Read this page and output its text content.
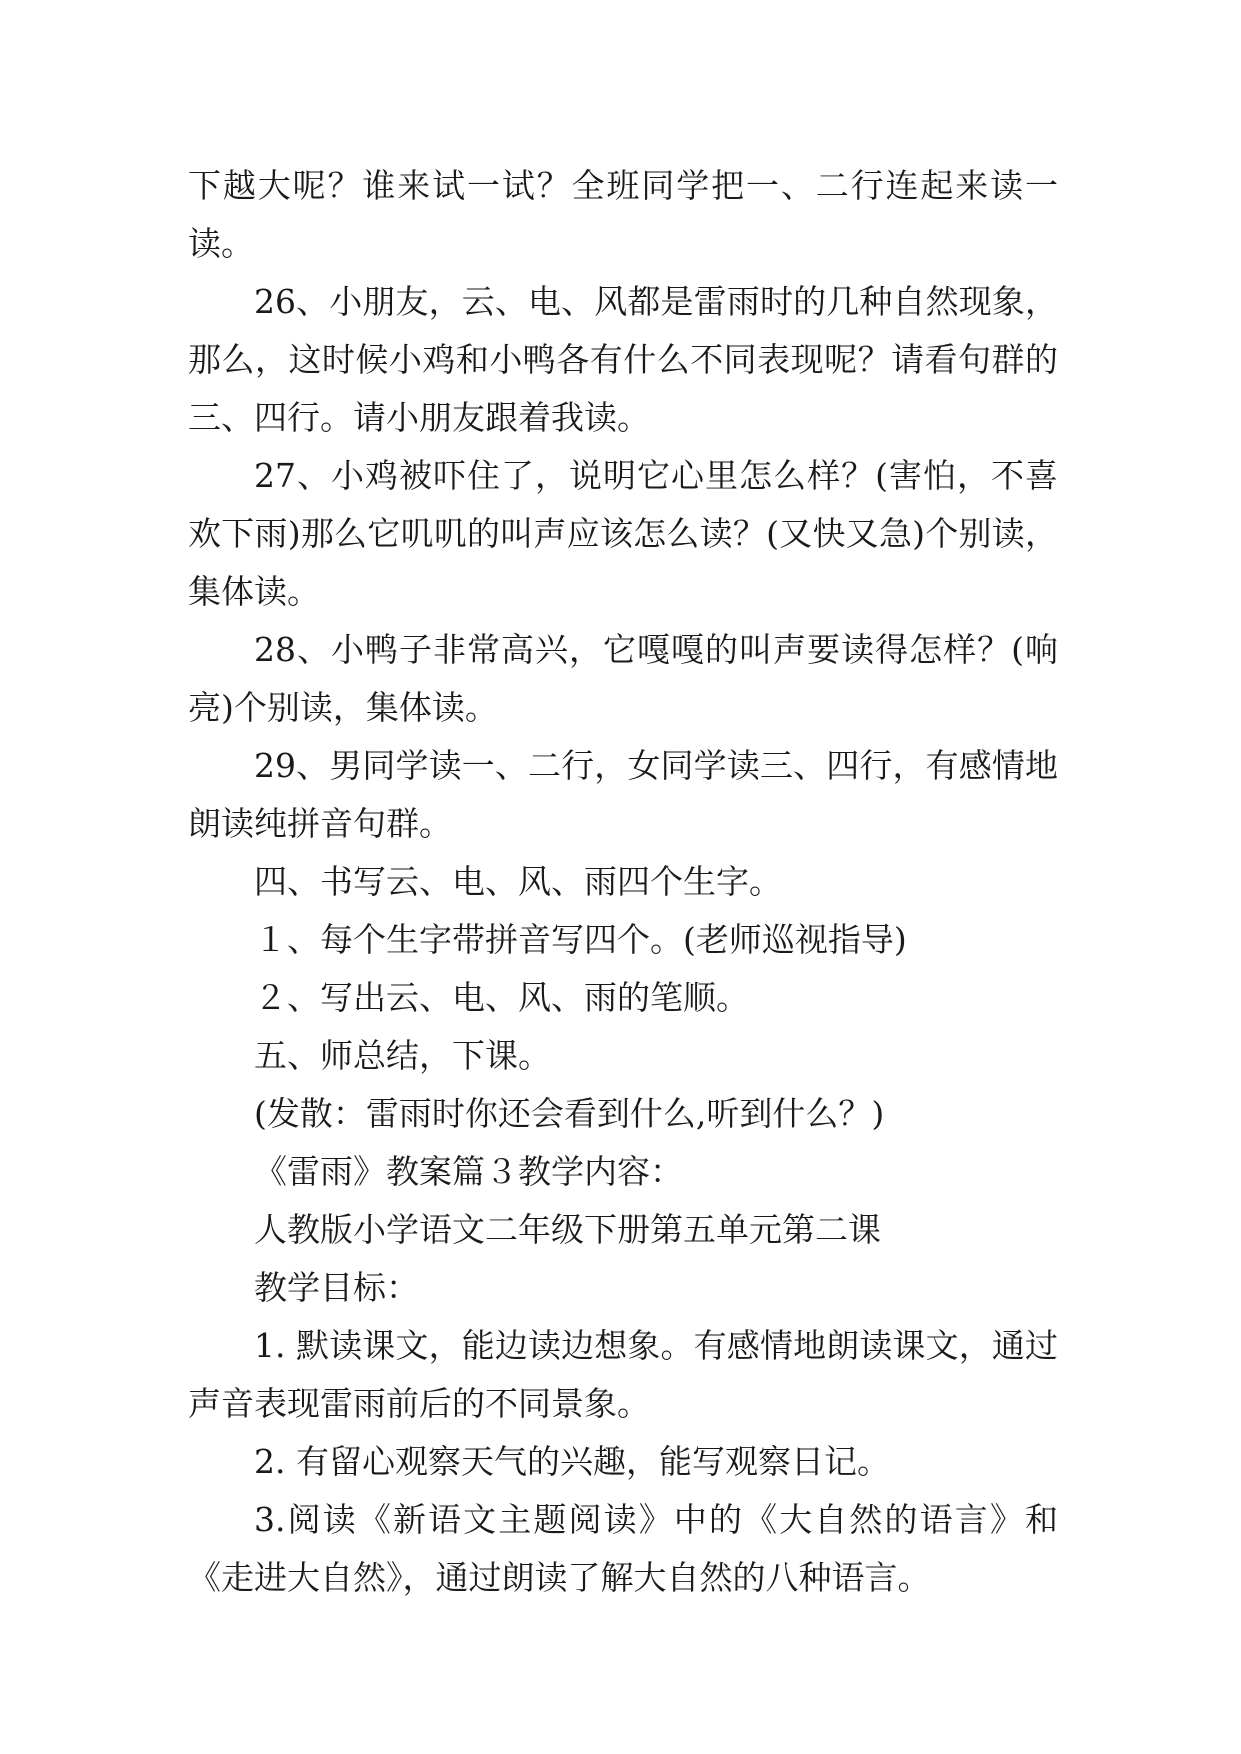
下越大呢？谁来试一试？全班同学把一、二行连起来读一读。

26、小朋友，云、电、风都是雷雨时的几种自然现象，那么，这时候小鸡和小鸭各有什么不同表现呢？请看句群的三、四行。请小朋友跟着我读。

27、小鸡被吓住了，说明它心里怎么样？(害怕，不喜欢下雨)那么它叽叽的叫声应该怎么读？(又快又急)个别读，集体读。

28、小鸭子非常高兴，它嘎嘎的叫声要读得怎样？(响亮)个别读，集体读。

29、男同学读一、二行，女同学读三、四行，有感情地朗读纯拼音句群。

四、书写云、电、风、雨四个生字。

１、每个生字带拼音写四个。(老师巡视指导)

２、写出云、电、风、雨的笔顺。

五、师总结，下课。

(发散：雷雨时你还会看到什么,听到什么？)

《雷雨》教案篇３教学内容：

人教版小学语文二年级下册第五单元第二课

教学目标：

1. 默读课文，能边读边想象。有感情地朗读课文，通过声音表现雷雨前后的不同景象。

2. 有留心观察天气的兴趣，能写观察日记。

3.阅读《新语文主题阅读》中的《大自然的语言》和《走进大自然》，通过朗读了解大自然的八种语言。
